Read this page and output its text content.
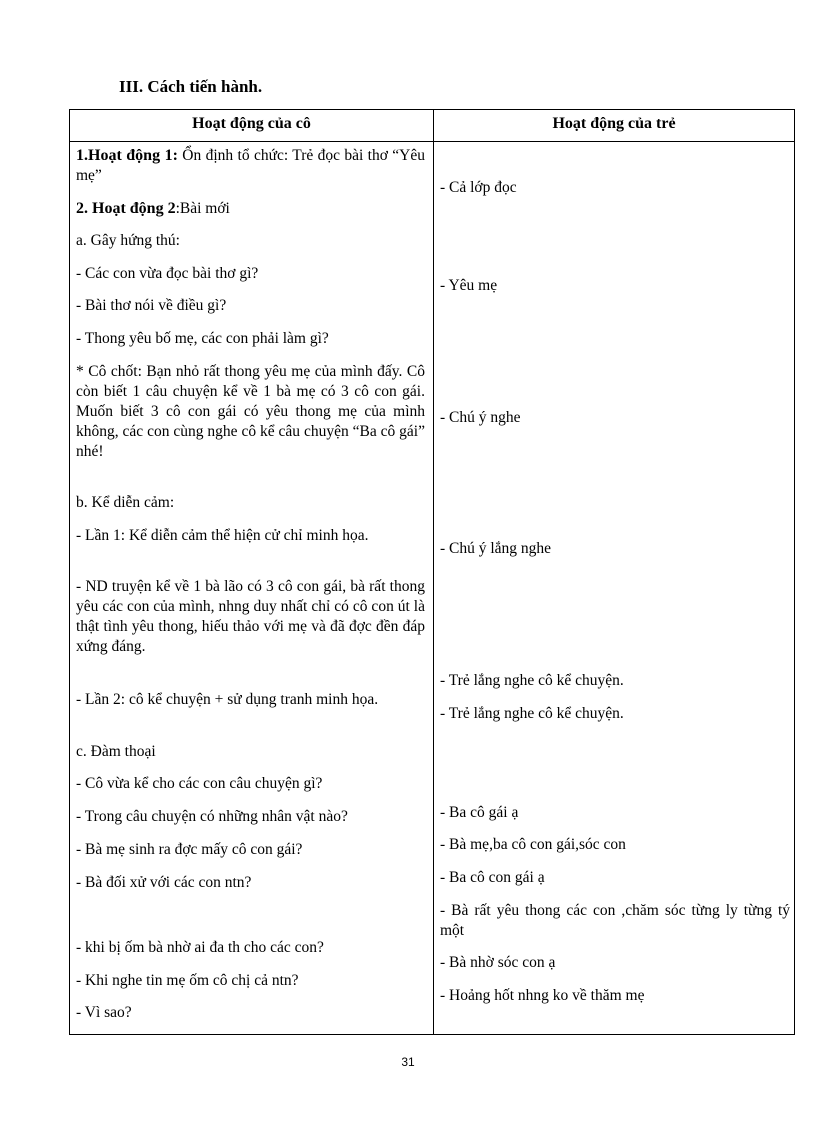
III. Cách tiến hành.
Hoạt động của cô	Hoạt động của trẻ
1.Hoạt động 1: Ổn định tổ chức: Trẻ đọc bài thơ “Yêu mẹ”
2. Hoạt động 2:Bài mới
a. Gây hứng thú:
- Các con vừa đọc bài thơ gì?
- Bài thơ nói về điều gì?
- Thong yêu bố mẹ, các con phải làm gì?
* Cô chốt: Bạn nhỏ rất thong yêu mẹ của mình đấy. Cô còn biết 1 câu chuyện kể về 1 bà mẹ có 3 cô con gái. Muốn biết 3 cô con gái có yêu thong mẹ của mình không, các con cùng nghe cô kể câu chuyện “Ba cô gái” nhé!
b. Kể diễn cảm:
- Lần 1: Kể diễn cảm thể hiện cử chỉ minh họa.
- ND truyện kể về 1 bà lão có 3 cô con gái, bà rất thong yêu các con của mình, nhng duy nhất chỉ có cô con út là thật tình yêu thong, hiếu thảo với mẹ và đã đợc đền đáp xứng đáng.
- Lần 2: cô kể chuyện + sử dụng tranh minh họa.
c. Đàm thoại
- Cô vừa kể cho các con câu chuyện gì?
- Trong câu chuyện có những nhân vật nào?
- Bà mẹ sinh ra đợc mấy cô con gái?
- Bà đối xử với các con ntn?
- khi bị ốm bà nhờ ai đa th cho các con?
- Khi nghe tin mẹ ốm cô chị cả ntn?
- Vì sao?
- Cả lớp đọc
- Yêu mẹ
- Chú ý nghe
- Chú ý lắng nghe
- Trẻ lắng nghe cô kể chuyện.
- Trẻ lắng nghe cô kể chuyện.
- Ba cô gái ạ
- Bà mẹ,ba cô con gái,sóc con
- Ba cô con gái ạ
- Bà rất yêu thong các con ,chăm sóc từng ly từng tý một
- Bà nhờ sóc con ạ
- Hoảng hốt nhng ko về thăm mẹ
31
